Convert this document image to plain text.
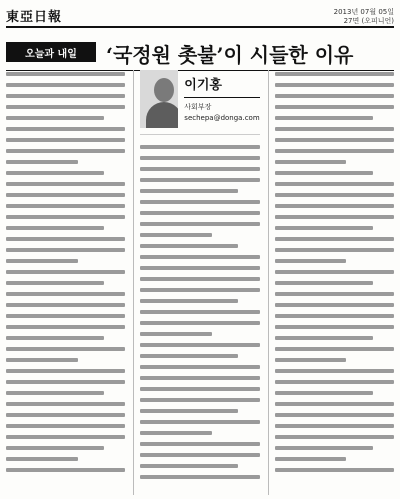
東亞日報	2013년 07월 05일
27면 (오피니언)
오늘과 내일	‘국정원 촛불’이 시들한 이유
이기홍
사회부장
sechepa@donga.com
